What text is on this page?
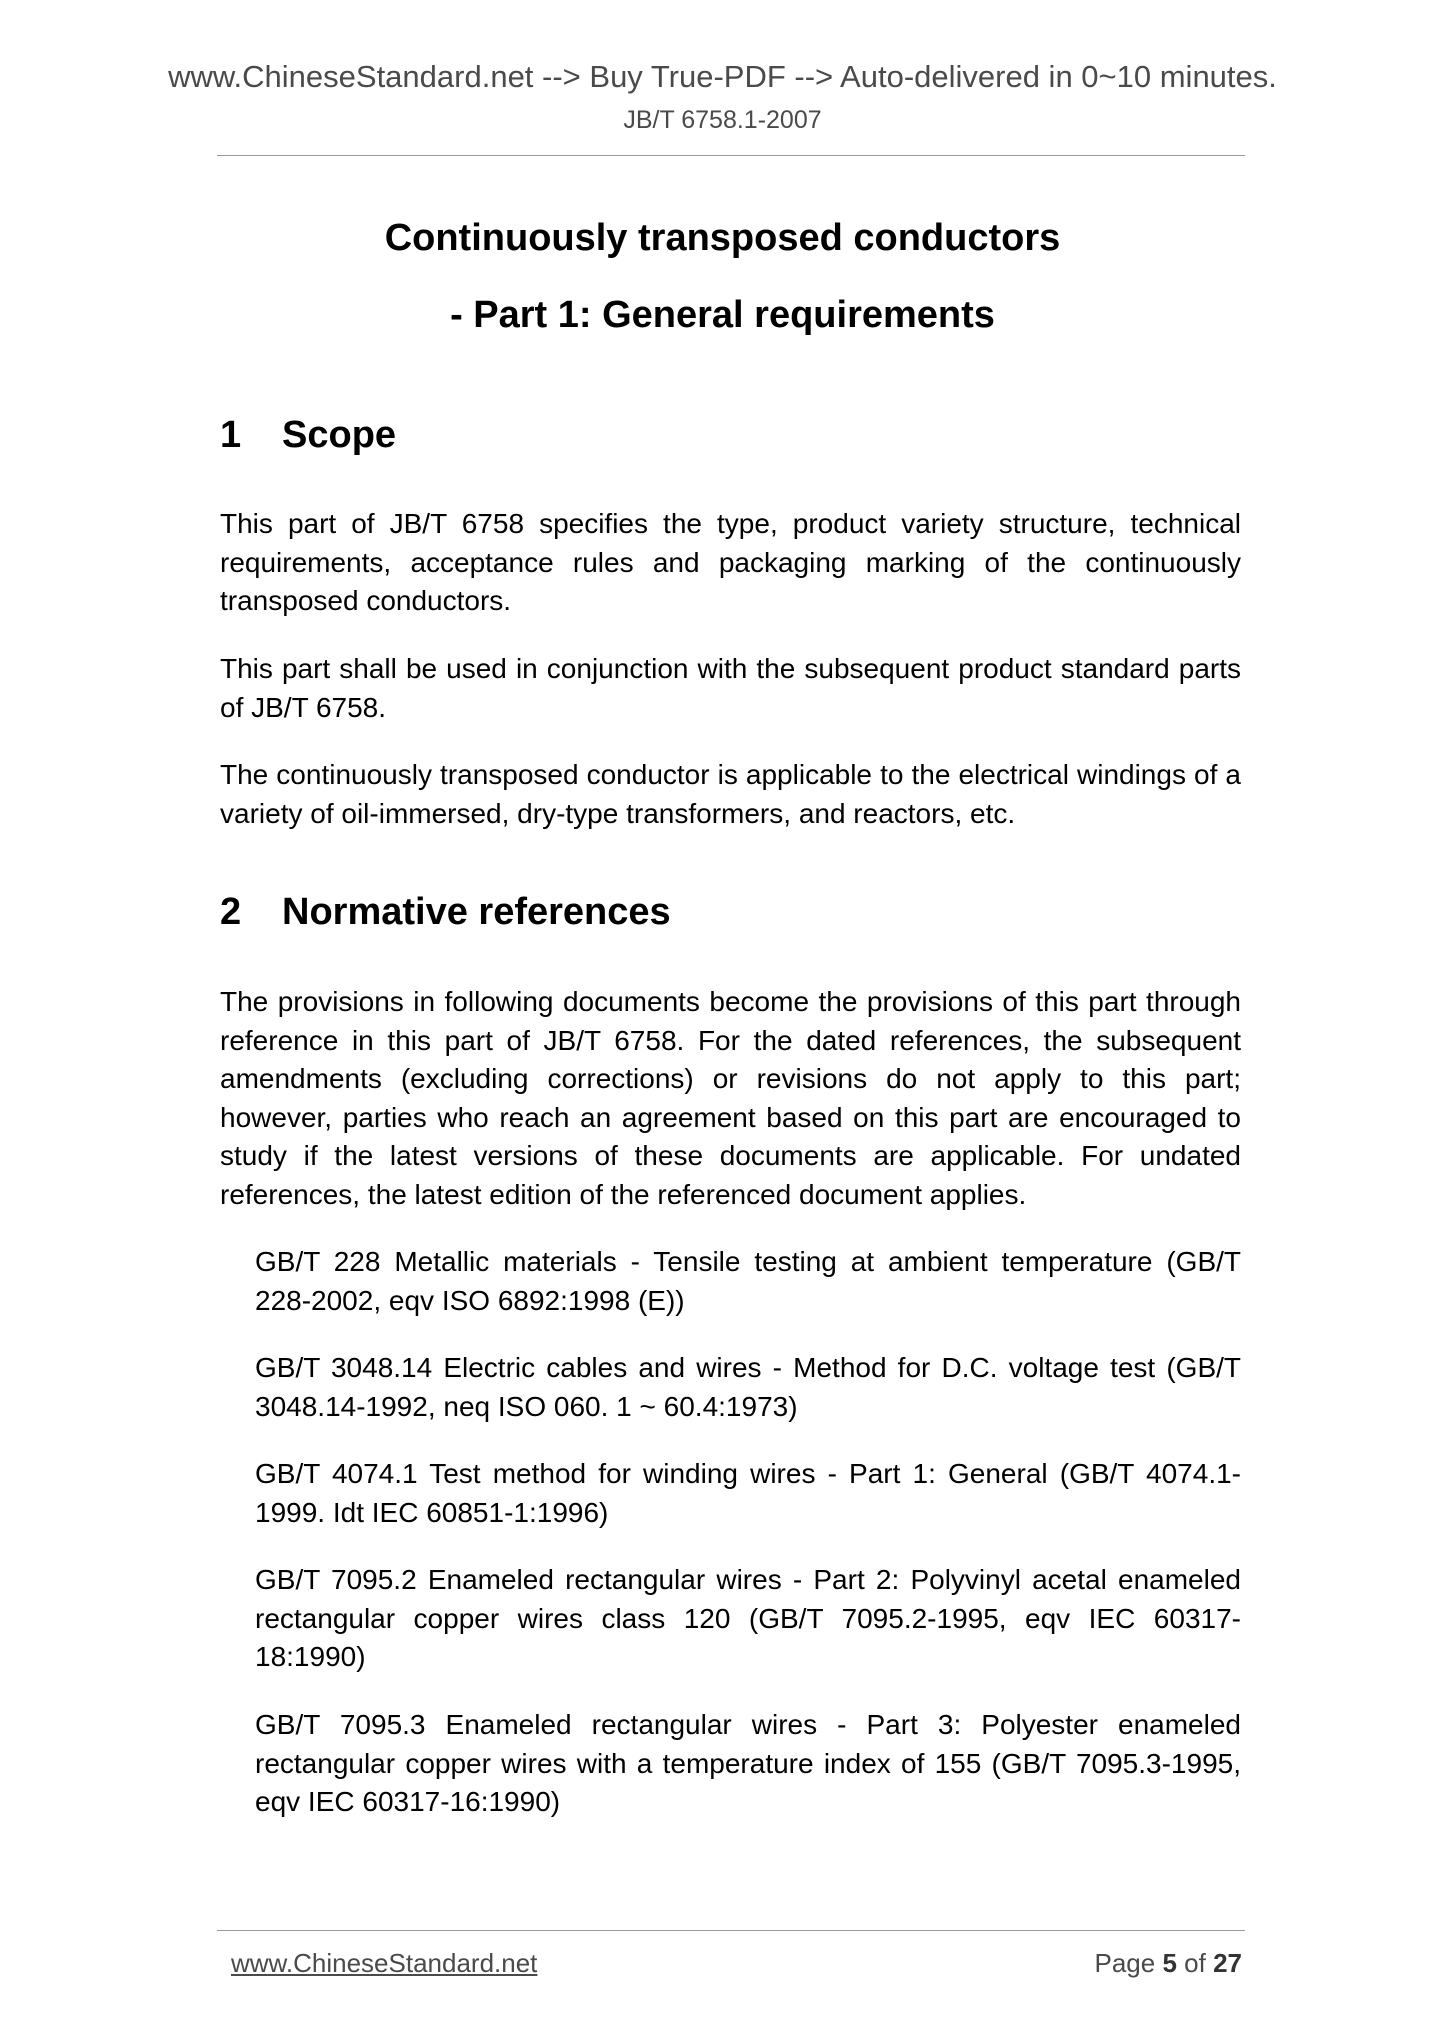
www.ChineseStandard.net --> Buy True-PDF --> Auto-delivered in 0~10 minutes.
JB/T 6758.1-2007
Continuously transposed conductors
- Part 1: General requirements
1 Scope
This part of JB/T 6758 specifies the type, product variety structure, technical requirements, acceptance rules and packaging marking of the continuously transposed conductors.
This part shall be used in conjunction with the subsequent product standard parts of JB/T 6758.
The continuously transposed conductor is applicable to the electrical windings of a variety of oil-immersed, dry-type transformers, and reactors, etc.
2 Normative references
The provisions in following documents become the provisions of this part through reference in this part of JB/T 6758. For the dated references, the subsequent amendments (excluding corrections) or revisions do not apply to this part; however, parties who reach an agreement based on this part are encouraged to study if the latest versions of these documents are applicable. For undated references, the latest edition of the referenced document applies.
GB/T 228 Metallic materials - Tensile testing at ambient temperature (GB/T 228-2002, eqv ISO 6892:1998 (E))
GB/T 3048.14 Electric cables and wires - Method for D.C. voltage test (GB/T 3048.14-1992, neq ISO 060. 1 ~ 60.4:1973)
GB/T 4074.1 Test method for winding wires - Part 1: General (GB/T 4074.1-1999. Idt IEC 60851-1:1996)
GB/T 7095.2 Enameled rectangular wires - Part 2: Polyvinyl acetal enameled rectangular copper wires class 120 (GB/T 7095.2-1995, eqv IEC 60317-18:1990)
GB/T 7095.3 Enameled rectangular wires - Part 3: Polyester enameled rectangular copper wires with a temperature index of 155 (GB/T 7095.3-1995, eqv IEC 60317-16:1990)
www.ChineseStandard.net	Page 5 of 27
